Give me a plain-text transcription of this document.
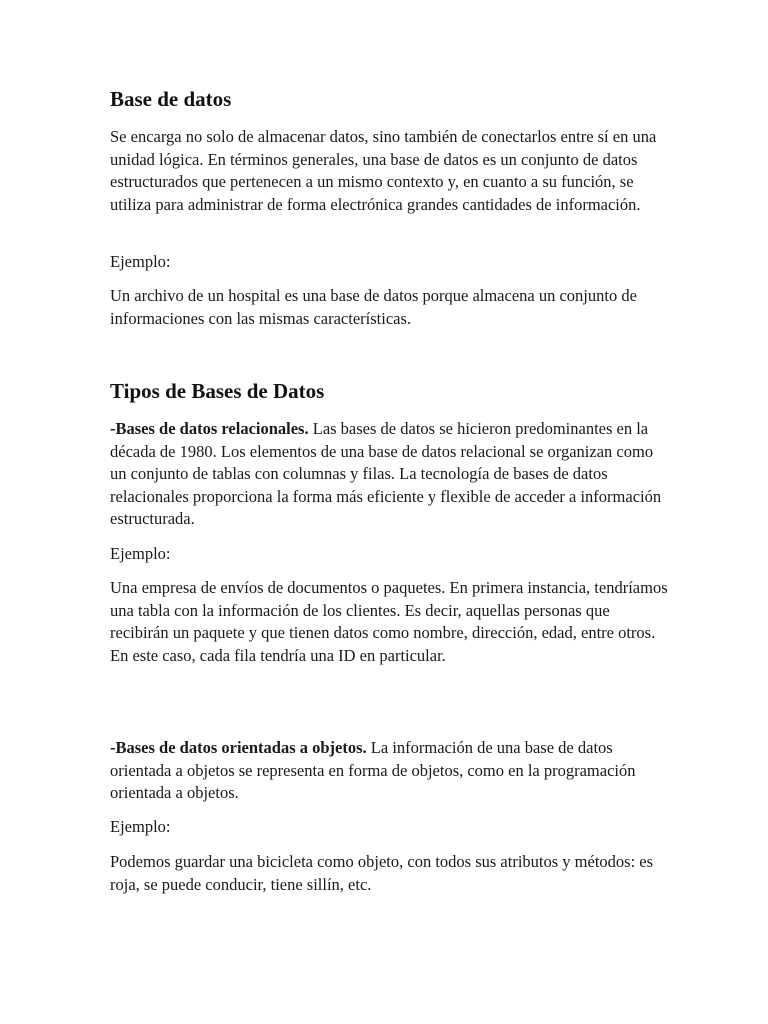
Base de datos

Se encarga no solo de almacenar datos, sino también de conectarlos entre sí en una unidad lógica. En términos generales, una base de datos es un conjunto de datos estructurados que pertenecen a un mismo contexto y, en cuanto a su función, se utiliza para administrar de forma electrónica grandes cantidades de información.

Ejemplo:

Un archivo de un hospital es una base de datos porque almacena un conjunto de informaciones con las mismas características.

Tipos de Bases de Datos

-Bases de datos relacionales. Las bases de datos se hicieron predominantes en la década de 1980. Los elementos de una base de datos relacional se organizan como un conjunto de tablas con columnas y filas. La tecnología de bases de datos relacionales proporciona la forma más eficiente y flexible de acceder a información estructurada.

Ejemplo:

Una empresa de envíos de documentos o paquetes. En primera instancia, tendríamos una tabla con la información de los clientes. Es decir, aquellas personas que recibirán un paquete y que tienen datos como nombre, dirección, edad, entre otros. En este caso, cada fila tendría una ID en particular.

-Bases de datos orientadas a objetos. La información de una base de datos orientada a objetos se representa en forma de objetos, como en la programación orientada a objetos.

Ejemplo:

Podemos guardar una bicicleta como objeto, con todos sus atributos y métodos: es roja, se puede conducir, tiene sillín, etc.
